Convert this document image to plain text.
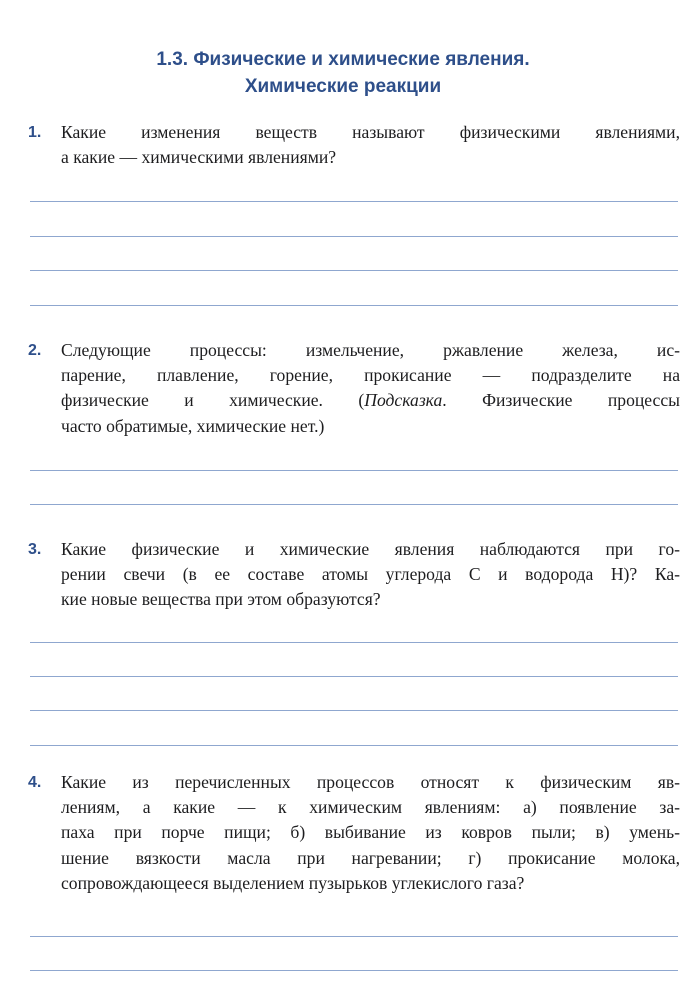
1.3. Физические и химические явления.
Химические реакции
1. Какие изменения веществ называют физическими явлениями,
а какие — химическими явлениями?
2. Следующие процессы: измельчение, ржавление железа, ис-
парение, плавление, горение, прокисание — подразделите на
физические и химические. (Подсказка. Физические процессы
часто обратимые, химические нет.)
3. Какие физические и химические явления наблюдаются при го-
рении свечи (в ее составе атомы углерода С и водорода Н)? Ка-
кие новые вещества при этом образуются?
4. Какие из перечисленных процессов относят к физическим яв-
лениям, а какие — к химическим явлениям: а) появление за-
паха при порче пищи; б) выбивание из ковров пыли; в) умень-
шение вязкости масла при нагревании; г) прокисание молока,
сопровождающееся выделением пузырьков углекислого газа?
